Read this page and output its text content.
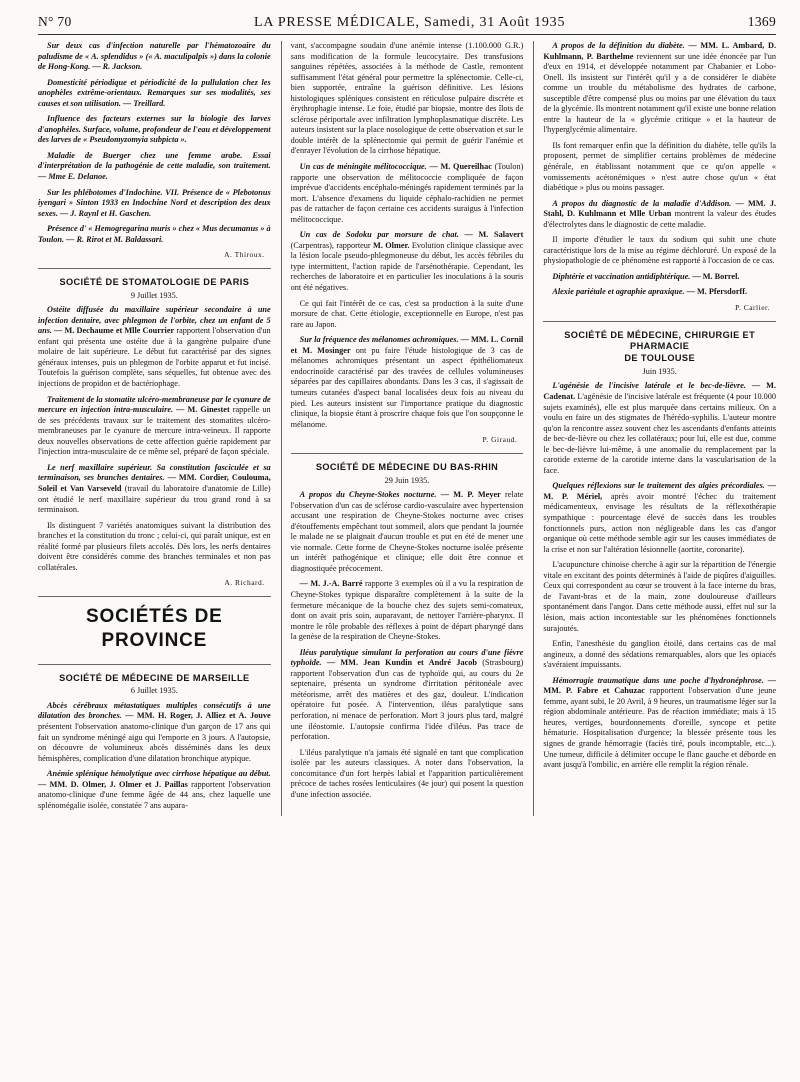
N° 70	LA PRESSE MÉDICALE, Samedi, 31 Août 1935	1369

Sur deux cas d'infection naturelle par l'hématozoaire du paludisme de « A. splendidus » (« A. maculipalpis ») dans la colonie de Hong-Kong. — R. Jackson.

Domesticité périodique et périodicité de la pullulation chez les anophèles extrême-orientaux. Remarques sur ses modalités, ses causes et son utilisation. — Treillard.

Influence des facteurs externes sur la biologie des larves d'anophèles. Surface, volume, profondeur de l'eau et développement des larves de « Pseudomyzomyia subpicta ».

Maladie de Buerger chez une femme arabe. Essai d'interprétation de la pathogénie de cette maladie, son traitement. — Mme E. Delanoe.

Sur les phlébotomes d'Indochine. VII. Présence de « Plebotonus iyengari » Sinton 1933 en Indochine Nord et description des deux sexes. — J. Raynl et H. Gaschen.

Présence d' « Hemogregarina muris » chez « Mus decumanus » à Toulon. — R. Rirot et M. Baldassari.

A. Thiroux.
SOCIÉTÉ DE STOMATOLOGIE DE PARIS
9 Juillet 1935.

Ostéite diffusée du maxillaire supérieur secondaire à une infection dentaire, avec phlegmon de l'orbite, chez un enfant de 5 ans. — M. Dechaume et Mlle Courrier rapportent l'observation d'un enfant qui présenta une ostéite due à la gangrène pulpaire d'une molaire de lait supérieure. Le début fut caractérisé par des signes généraux intenses, puis un phlegmon de l'orbite apparut et fut incisé. Toutefois la guérison complète, sans séquelles, fut obtenue avec des injections de propidon et de bactériophage.

Traitement de la stomatite ulcéro-membraneuse par le cyanure de mercure en injection intra-musculaire. — M. Ginestet rappelle un de ses précédents travaux sur le traitement des stomatites ulcéro-membraneuses par le cyanure de mercure intra-veineux. Il rapporte deux nouvelles observations de cette affection guérie rapidement par l'injection intra-musculaire de ce même sel, préparé de façon spéciale.

Le nerf maxillaire supérieur. Sa constitution fasciculée et sa terminaison, ses branches dentaires. — MM. Cordier, Coulouma, Soleil et Van Varseveld (travail du laboratoire d'anatomie de Lille) ont étudié le nerf maxillaire supérieur du trou grand rond à sa terminaison.

Ils distinguent 7 variétés anatomiques suivant la distribution des branches et la constitution du tronc ; celui-ci, qui paraît unique, est en réalité formé par plusieurs filets accolés. Dès lors, les nerfs dentaires doivent être considérés comme des branches terminales et non pas collatérales.

A. Richard.
SOCIÉTÉS DE PROVINCE
SOCIÉTÉ DE MÉDECINE DE MARSEILLE
6 Juillet 1935.

Abcès cérébraux métastatiques multiples consécutifs à une dilatation des bronches. — MM. H. Roger, J. Alliez et A. Jouve présentent l'observation anatomo-clinique d'un garçon de 17 ans qui fait un syndrome méningé aigu qui l'emporte en 3 jours. A l'autopsie, on découvre de volumineux abcès disséminés dans les deux hémisphères, complication d'une dilatation bronchique atypique.

Anémie splénique hémolytique avec cirrhose hépatique au début. — MM. D. Olmer, J. Olmer et J. Paillas rapportent l'observation anatomo-clinique d'une femme âgée de 44 ans, chez laquelle une splénomégalie isolée, constatée 7 ans aupara-

vant, s'accompagne soudain d'une anémie intense (1.100.000 G.R.) sans modification de la formule leucocytaire. Des transfusions sanguines répétées, associées à la méthode de Castle, remontent suffisamment l'état général pour permettre la splénectomie. Celle-ci, bien supportée, entraîne la guérison définitive. Les lésions histologiques spléniques consistent en réticulose pulpaire discrète et érythrophagie intense. Le foie, étudié par biopsie, montre des îlots de sclérose périportale avec infiltration lymphoplasmatique discrète. Les auteurs insistent sur la place nosologique de cette observation et sur le double intérêt de la splénectomie qui permit de guérir l'anémie et d'enrayer l'évolution de la cirrhose hépatique.

Un cas de méningite mélitococcique. — M. Quereilhac (Toulon) rapporte une observation de mélitococcie compliquée de façon imprévue d'accidents encéphalo-méningés rapidement terminés par la mort. L'absence d'examens du liquide céphalo-rachidien ne permet pas de rattacher de façon certaine ces accidents suraigus à l'infection mélitococcique.

Un cas de Sodoku par morsure de chat. — M. Salavert (Carpentras), rapporteur M. Olmer. Evolution clinique classique avec la lésion locale pseudo-phlegmoneuse du début, les accès fébriles du type intermittent, l'action rapide de l'arsénothérapie. Cependant, les recherches de laboratoire et en particulier les inoculations à la souris ont été négatives.

Ce qui fait l'intérêt de ce cas, c'est sa production à la suite d'une morsure de chat. Cette étiologie, exceptionnelle en Europe, n'est pas rare au Japon.

Sur la fréquence des mélanomes achromiques. — MM. L. Cornil et M. Mosinger ont pu faire l'étude histologique de 3 cas de mélanomes achromiques présentant un aspect épithéliomateux endocrinoïde caractérisé par des travées de cellules volumineuses séparées par des capillaires abondants. Dans les 3 cas, il s'agissait de tumeurs cutanées d'aspect banal localisées deux fois au niveau du pied. Les auteurs insistent sur l'importance pratique du diagnostic clinique, la biopsie étant à proscrire chaque fois que l'on soupçonne le mélanome.

P. Giraud.
SOCIÉTÉ DE MÉDECINE DU BAS-RHIN
29 Juin 1935.

A propos du Cheyne-Stokes nocturne. — M. P. Meyer relate l'observation d'un cas de sclérose cardio-vasculaire avec hypertension accusant une respiration de Cheyne-Stokes nocturne avec crises d'étouffements empêchant tout sommeil, alors que pendant la journée le malade ne se plaignait d'aucun trouble et put en été de mener une vie normale. Cette forme de Cheyne-Stokes nocturne isolée présente un intérêt pathogénique et clinique; elle doit être connue et diagnostiquée précocement.

— M. J.-A. Barré rapporte 3 exemples où il a vu la respiration de Cheyne-Stokes typique disparaître complètement à la suite de la fermeture mécanique de la bouche chez des sujets semi-comateux, dont on avait pris soin, auparavant, de nettoyer l'arrière-pharynx. Il montre le rôle probable des réflexes à point de départ pharyngé dans la genèse de la respiration de Cheyne-Stokes.

Iléus paralytique simulant la perforation au cours d'une fièvre typhoïde. — MM. Jean Kundin et André Jacob (Strasbourg) rapportent l'observation d'un cas de typhoïde qui, au cours du 2e septenaire, présenta un syndrome d'irritation péritonéale avec météorisme, arrêt des matières et des gaz, douleur. L'indication opératoire fut posée. A l'intervention, iléus paralytique sans perforation, ni menace de perforation. Mort 3 jours plus tard, malgré une iléostomie. L'autopsie confirma l'idée d'iléus. Pas trace de perforation.

L'iléus paralytique n'a jamais été signalé en tant que complication isolée par les auteurs classiques. A noter dans l'observation, la concomitance d'un fort herpès labial et l'apparition particulièrement précoce de taches rosées lenticulaires (4e jour) qui posent la question d'une infection associée.

A propos de la définition du diabète. — MM. L. Ambard, D. Kuhlmann, P. Barthelme reviennent sur une idée énoncée par l'un d'eux en 1914, et développée notamment par Chabanier et Lobo-Onell. Ils insistent sur l'intérêt qu'il y a de considérer le diabète comme un trouble du métabolisme des hydrates de carbone, susceptible d'être compensé plus ou moins par une élévation du taux de la glycémie. Ils montrent notamment qu'il existe une bonne relation entre la hauteur de la « glycémie critique » et la hauteur de l'hyperglycémie alimentaire.

Ils font remarquer enfin que la définition du diabète, telle qu'ils la proposent, permet de simplifier certains problèmes de médecine générale, en établissant notamment que ce qu'on appelle « vomissements acétonémiques » n'est autre chose qu'un « état diabétique » plus ou moins passager.

A propos du diagnostic de la maladie d'Addison. — MM. J. Stahl, D. Kuhlmann et Mlle Urban montrent la valeur des études d'électrolytes dans le diagnostic de cette maladie.

Il importe d'étudier le taux du sodium qui subit une chute caractéristique lors de la mise au régime déchloruré. Un exposé de la physiopathologie de ce phénomène est rapporté à l'occasion de ce cas.

Diphtérie et vaccination antidiphtérique. — M. Borrel.

Alexie pariétale et agraphie apraxique. — M. Pfersdorff.

P. Carlier.
SOCIÉTÉ DE MÉDECINE, CHIRURGIE ET PHARMACIE
DE TOULOUSE
Juin 1935.

L'agénésie de l'incisive latérale et le bec-de-lièvre. — M. Cadenat. L'agénésie de l'incisive latérale est fréquente (4 pour 10.000 sujets examinés), elle est plus marquée dans certains milieux. On a voulu en faire un des stigmates de l'hérédo-syphilis. L'auteur montre qu'on la rencontre assez souvent chez les ascendants d'enfants atteints de bec-de-lièvre ou chez les collatéraux; pour lui, elle est due, comme le bec-de-lièvre lui-même, à une anomalie du remplacement par la carotide externe de la carotide interne dans la vascularisation de la face.

Quelques réflexions sur le traitement des algies précordiales. — M. P. Mériel, après avoir montré l'échec du traitement médicamenteux, envisage les résultats de la réflexothérapie sympathique : pourcentage élevé de succès dans les troubles fonctionnels purs, action non négligeable dans les cas d'angor organique où cette méthode semble agir sur les causes immédiates de la crise et non sur l'altération lésionnelle (aortite, coronarite).

L'acupuncture chinoise cherche à agir sur la répartition de l'énergie vitale en excitant des points déterminés à l'aide de piqûres d'aiguilles. Ceux qui correspondent au cœur se trouvent à la face interne du bras, de l'avant-bras et de la main, zone douloureuse d'ailleurs spontanément dans l'angor. Dans cette méthode aussi, effet nul sur la lésion, mais action incontestable sur les phénomènes fonctionnels surajoutés.

Enfin, l'anesthésie du ganglion étoilé, dans certains cas de mal angineux, a donné des sédations remarquables, alors que les opiacés s'avéraient impuissants.

Hémorragie traumatique dans une poche d'hydronéphrose. — MM. P. Fabre et Cahuzac rapportent l'observation d'une jeune femme, ayant subi, le 20 Avril, à 9 heures, un traumatisme léger sur la région abdominale antérieure. Pas de réaction immédiate; mais à 15 heures, vertiges, bourdonnements d'oreille, syncope et petite hématurie. Hospitalisation d'urgence; la blessée présente tous les signes de grande hémorragie (faciès tiré, pouls incomptable, etc...). Une tumeur, difficile à délimiter occupe le flanc gauche et déborde en avant jusqu'à l'ombilic, en arrière elle remplit la région rénale.
